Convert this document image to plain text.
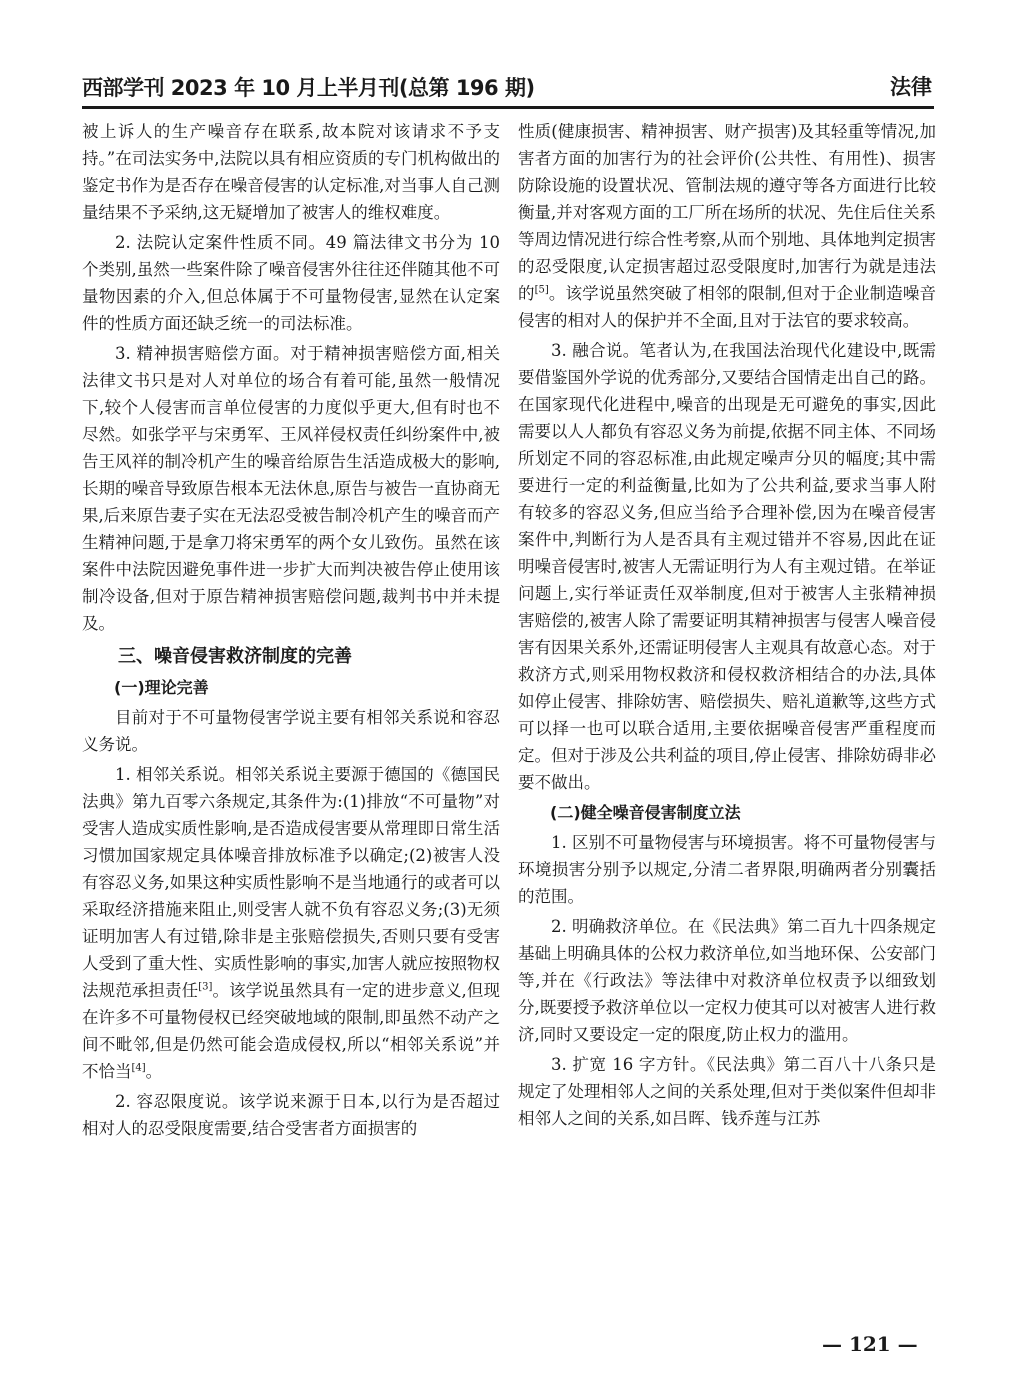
西部学刊 2023 年 10 月上半月刊(总第 196 期)	法律

被上诉人的生产噪音存在联系,故本院对该请求不予支持。”在司法实务中,法院以具有相应资质的专门机构做出的鉴定书作为是否存在噪音侵害的认定标准,对当事人自己测量结果不予采纳,这无疑增加了被害人的维权难度。

2. 法院认定案件性质不同。49 篇法律文书分为 10 个类别,虽然一些案件除了噪音侵害外往往还伴随其他不可量物因素的介入,但总体属于不可量物侵害,显然在认定案件的性质方面还缺乏统一的司法标准。

3. 精神损害赔偿方面。对于精神损害赔偿方面,相关法律文书只是对人对单位的场合有着可能,虽然一般情况下,较个人侵害而言单位侵害的力度似乎更大,但有时也不尽然。如张学平与宋勇军、王风祥侵权责任纠纷案件中,被告王风祥的制冷机产生的噪音给原告生活造成极大的影响,长期的噪音导致原告根本无法休息,原告与被告一直协商无果,后来原告妻子实在无法忍受被告制冷机产生的噪音而产生精神问题,于是拿刀将宋勇军的两个女儿致伤。虽然在该案件中法院因避免事件进一步扩大而判决被告停止使用该制冷设备,但对于原告精神损害赔偿问题,裁判书中并未提及。

三、噪音侵害救济制度的完善
(一)理论完善

目前对于不可量物侵害学说主要有相邻关系说和容忍义务说。

1. 相邻关系说。相邻关系说主要源于德国的《德国民法典》第九百零六条规定,其条件为:(1)排放“不可量物”对受害人造成实质性影响,是否造成侵害要从常理即日常生活习惯加国家规定具体噪音排放标准予以确定;(2)被害人没有容忍义务,如果这种实质性影响不是当地通行的或者可以采取经济措施来阻止,则受害人就不负有容忍义务;(3)无须证明加害人有过错,除非是主张赔偿损失,否则只要有受害人受到了重大性、实质性影响的事实,加害人就应按照物权法规范承担责任[3]。该学说虽然具有一定的进步意义,但现在许多不可量物侵权已经突破地域的限制,即虽然不动产之间不毗邻,但是仍然可能会造成侵权,所以“相邻关系说”并不恰当[4]。

2. 容忍限度说。该学说来源于日本,以行为是否超过相对人的忍受限度需要,结合受害者方面损害的

性质(健康损害、精神损害、财产损害)及其轻重等情况,加害者方面的加害行为的社会评价(公共性、有用性)、损害防除设施的设置状况、管制法规的遵守等各方面进行比较衡量,并对客观方面的工厂所在场所的状况、先住后住关系等周边情况进行综合性考察,从而个别地、具体地判定损害的忍受限度,认定损害超过忍受限度时,加害行为就是违法的[5]。该学说虽然突破了相邻的限制,但对于企业制造噪音侵害的相对人的保护并不全面,且对于法官的要求较高。

3. 融合说。笔者认为,在我国法治现代化建设中,既需要借鉴国外学说的优秀部分,又要结合国情走出自己的路。在国家现代化进程中,噪音的出现是无可避免的事实,因此需要以人人都负有容忍义务为前提,依据不同主体、不同场所划定不同的容忍标准,由此规定噪声分贝的幅度;其中需要进行一定的利益衡量,比如为了公共利益,要求当事人附有较多的容忍义务,但应当给予合理补偿,因为在噪音侵害案件中,判断行为人是否具有主观过错并不容易,因此在证明噪音侵害时,被害人无需证明行为人有主观过错。在举证问题上,实行举证责任双举制度,但对于被害人主张精神损害赔偿的,被害人除了需要证明其精神损害与侵害人噪音侵害有因果关系外,还需证明侵害人主观具有故意心态。对于救济方式,则采用物权救济和侵权救济相结合的办法,具体如停止侵害、排除妨害、赔偿损失、赔礼道歉等,这些方式可以择一也可以联合适用,主要依据噪音侵害严重程度而定。但对于涉及公共利益的项目,停止侵害、排除妨碍非必要不做出。

(二)健全噪音侵害制度立法

1. 区别不可量物侵害与环境损害。将不可量物侵害与环境损害分别予以规定,分清二者界限,明确两者分别囊括的范围。

2. 明确救济单位。在《民法典》第二百九十四条规定基础上明确具体的公权力救济单位,如当地环保、公安部门等,并在《行政法》等法律中对救济单位权责予以细致划分,既要授予救济单位以一定权力使其可以对被害人进行救济,同时又要设定一定的限度,防止权力的滥用。

3. 扩宽 16 字方针。《民法典》第二百八十八条只是规定了处理相邻人之间的关系处理,但对于类似案件但却非相邻人之间的关系,如吕晖、钱乔莲与江苏

— 121 —
